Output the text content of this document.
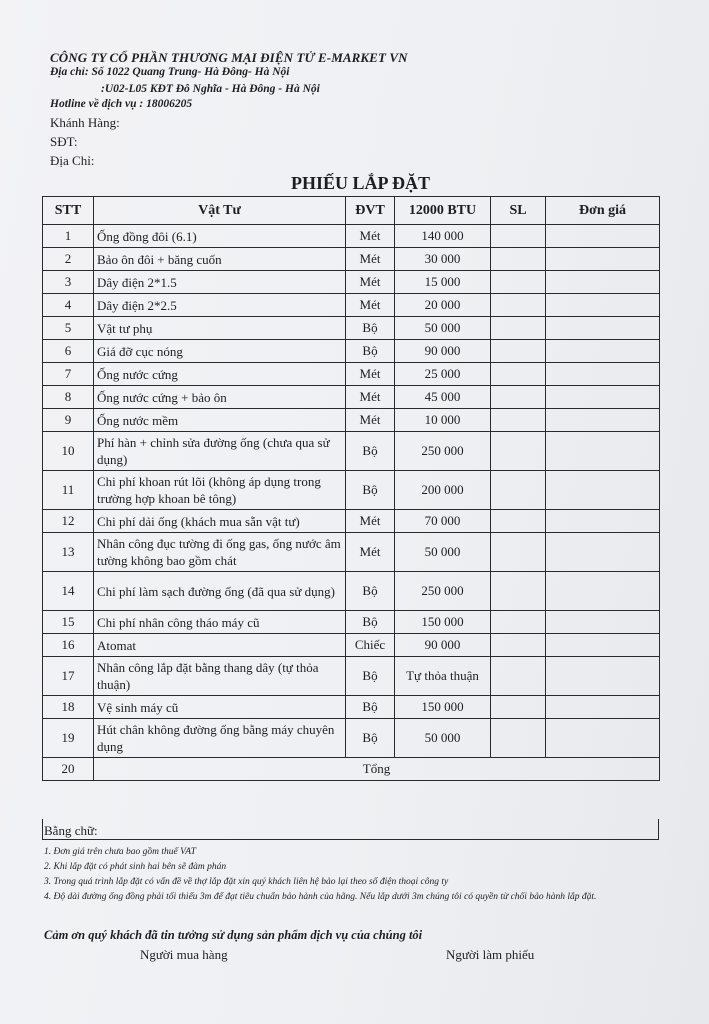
CÔNG TY CỔ PHẦN THƯƠNG MẠI ĐIỆN TỬ E-MARKET VN
Địa chỉ: Số 1022 Quang Trung- Hà Đông- Hà Nội
:U02-L05 KĐT Đô Nghĩa - Hà Đông - Hà Nội
Hotline về dịch vụ : 18006205
Khánh Hàng:
SĐT:
Địa Chỉ:
PHIẾU LẮP ĐẶT
STT	Vật Tư	ĐVT	12000 BTU	SL	Đơn giá
1	Ống đồng đôi (6.1)	Mét	140 000		
2	Bảo ôn đôi + băng cuốn	Mét	30 000		
3	Dây điện 2*1.5	Mét	15 000		
4	Dây điện 2*2.5	Mét	20 000		
5	Vật tư phụ	Bộ	50 000		
6	Giá đỡ cục nóng	Bộ	90 000		
7	Ống nước cứng	Mét	25 000		
8	Ống nước cứng + bảo ôn	Mét	45 000		
9	Ống nước mềm	Mét	10 000		
10	Phí hàn + chỉnh sửa đường ống (chưa qua sử dụng)	Bộ	250 000		
11	Chi phí khoan rút lõi (không áp dụng trong trường hợp khoan bê tông)	Bộ	200 000		
12	Chi phí dải ống (khách mua sẵn vật tư)	Mét	70 000		
13	Nhân công đục tường đi ống gas, ống nước âm tường không bao gồm chát	Mét	50 000		
14	Chi phí làm sạch đường ống (đã qua sử dụng)	Bộ	250 000		
15	Chi phí nhân công tháo máy cũ	Bộ	150 000		
16	Atomat	Chiếc	90 000		
17	Nhân công lắp đặt bằng thang dây (tự thỏa thuận)	Bộ	Tự thỏa thuận		
18	Vệ sinh máy cũ	Bộ	150 000		
19	Hút chân không đường ống bằng máy chuyên dụng	Bộ	50 000		
20	Tổng				
Bằng chữ:
1. Đơn giá trên chưa bao gồm thuế VAT
2. Khi lắp đặt có phát sinh hai bên sẽ đàm phán
3. Trong quá trình lắp đặt có vấn đề về thợ lắp đặt xin quý khách liên hệ bảo lại theo số điện thoại công ty
4. Độ dài đường ống đồng phải tối thiểu 3m để đạt tiêu chuẩn bảo hành của hãng. Nếu lắp dưới 3m chúng tôi có quyền từ chối bảo hành lắp đặt.
Cảm ơn quý khách đã tin tưởng sử dụng sản phẩm dịch vụ của chúng tôi
Người mua hàng	Người làm phiếu
